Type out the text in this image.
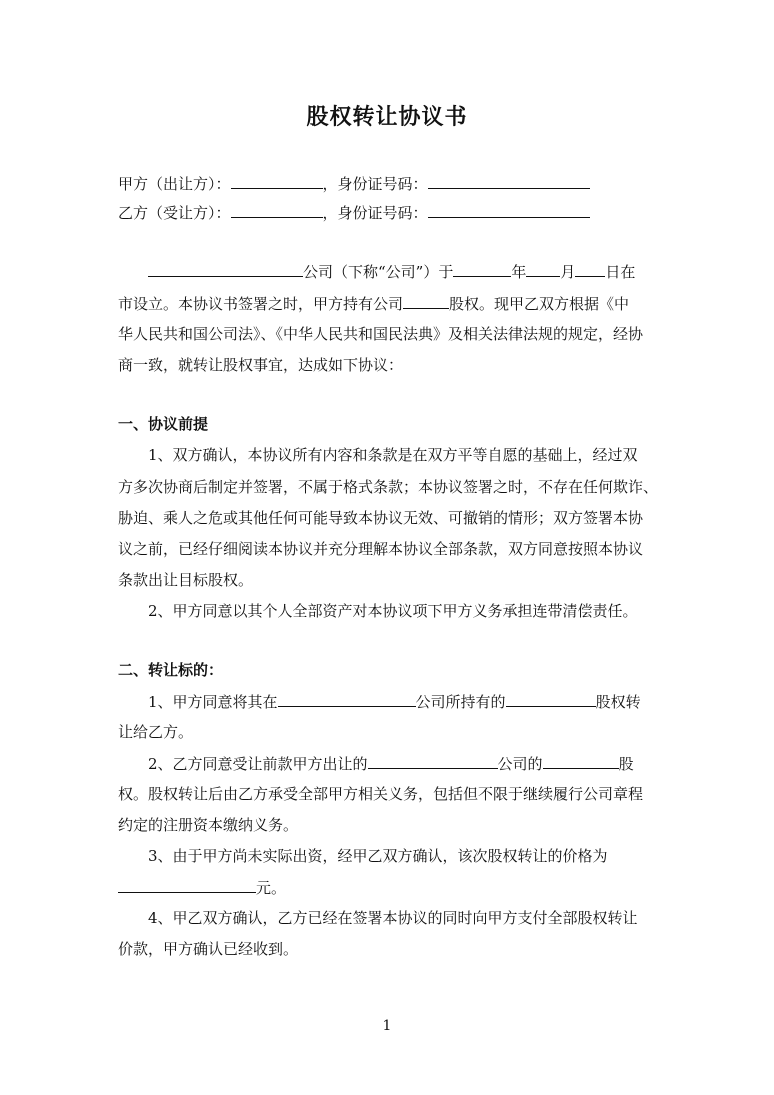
股权转让协议书
甲方（出让方）：	，身份证号码：
乙方（受让方）：	，身份证号码：
公司（下称“公司”）于	年 月 日在
市设立。本协议书签署之时，甲方持有公司	股权。现甲乙双方根据《中
华人民共和国公司法》、《中华人民共和国民法典》及相关法律法规的规定，经协
商一致，就转让股权事宜，达成如下协议：
一、协议前提
1、双方确认，本协议所有内容和条款是在双方平等自愿的基础上，经过双
方多次协商后制定并签署，不属于格式条款；本协议签署之时，不存在任何欺诈、
胁迫、乘人之危或其他任何可能导致本协议无效、可撤销的情形；双方签署本协
议之前，已经仔细阅读本协议并充分理解本协议全部条款，双方同意按照本协议
条款出让目标股权。
2、甲方同意以其个人全部资产对本协议项下甲方义务承担连带清偿责任。
二、转让标的：
1、甲方同意将其在	公司所持有的	股权转
让给乙方。
2、乙方同意受让前款甲方出让的	公司的	股
权。股权转让后由乙方承受全部甲方相关义务，包括但不限于继续履行公司章程
约定的注册资本缴纳义务。
3、由于甲方尚未实际出资，经甲乙双方确认，该次股权转让的价格为
元。
4、甲乙双方确认，乙方已经在签署本协议的同时向甲方支付全部股权转让
价款，甲方确认已经收到。
1
